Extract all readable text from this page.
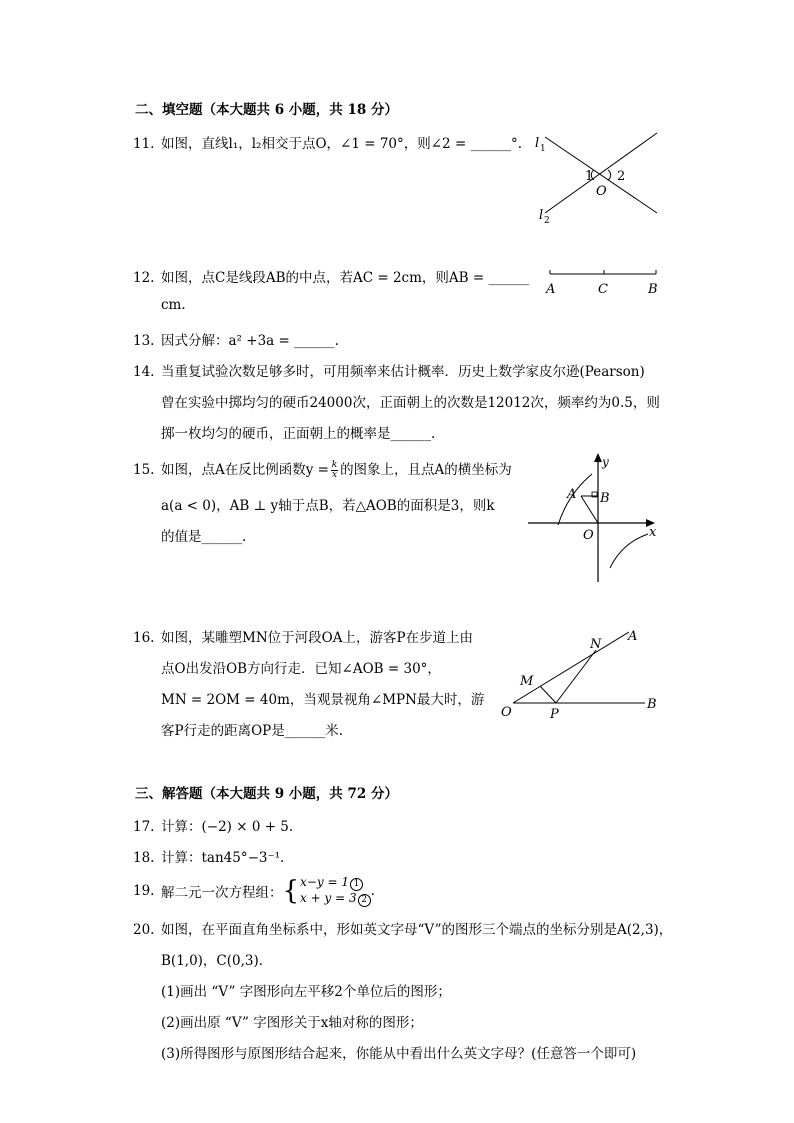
二、填空题（本大题共 6 小题，共 18 分）
11. 如图，直线l₁，l₂相交于点O，∠1 = 70°，则∠2 = ______°. l 1
l 2
1 2
O
12. 如图，点C是线段AB的中点，若AC = 2cm，则AB = ______
cm.
A	C	B
13. 因式分解：a² +3a = ______.
14. 当重复试验次数足够多时，可用频率来估计概率．历史上数学家皮尔逊(Pearson)
曾在实验中掷均匀的硬币24000次，正面朝上的次数是12012次，频率约为0.5，则
掷一枚均匀的硬币，正面朝上的概率是______.
15. 如图，点A在反比例函数$y = \frac{k}{x}$ 的图象上，且点A的横坐标为
a(a < 0)，AB ⊥ y轴于点B，若△AOB的面积是3，则k
的值是______.
y
x
A B
O
16. 如图，某雕塑MN位于河段OA上，游客P在步道上由
点O出发沿OB方向行走．已知∠AOB = 30°，
MN = 2OM = 40m，当观景视角∠MPN最大时，游
客P行走的距离OP是______米.
N
A
M
O	P
B
三、解答题（本大题共 9 小题，共 72 分）
17. 计算：(−2) × 0 + 5.
18. 计算：tan45°−3⁻¹.
19. 解二元一次方程组： { x−y = 1 1
x + y = 3 2
.
20. 如图，在平面直角坐标系中，形如英文字母“V”的图形三个端点的坐标分别是A(2,3)，
B(1,0)，C(0,3)．
(1)画出 “V” 字图形向左平移2个单位后的图形；
(2)画出原 “V” 字图形关于x轴对称的图形；
(3)所得图形与原图形结合起来，你能从中看出什么英文字母？(任意答一个即可)
